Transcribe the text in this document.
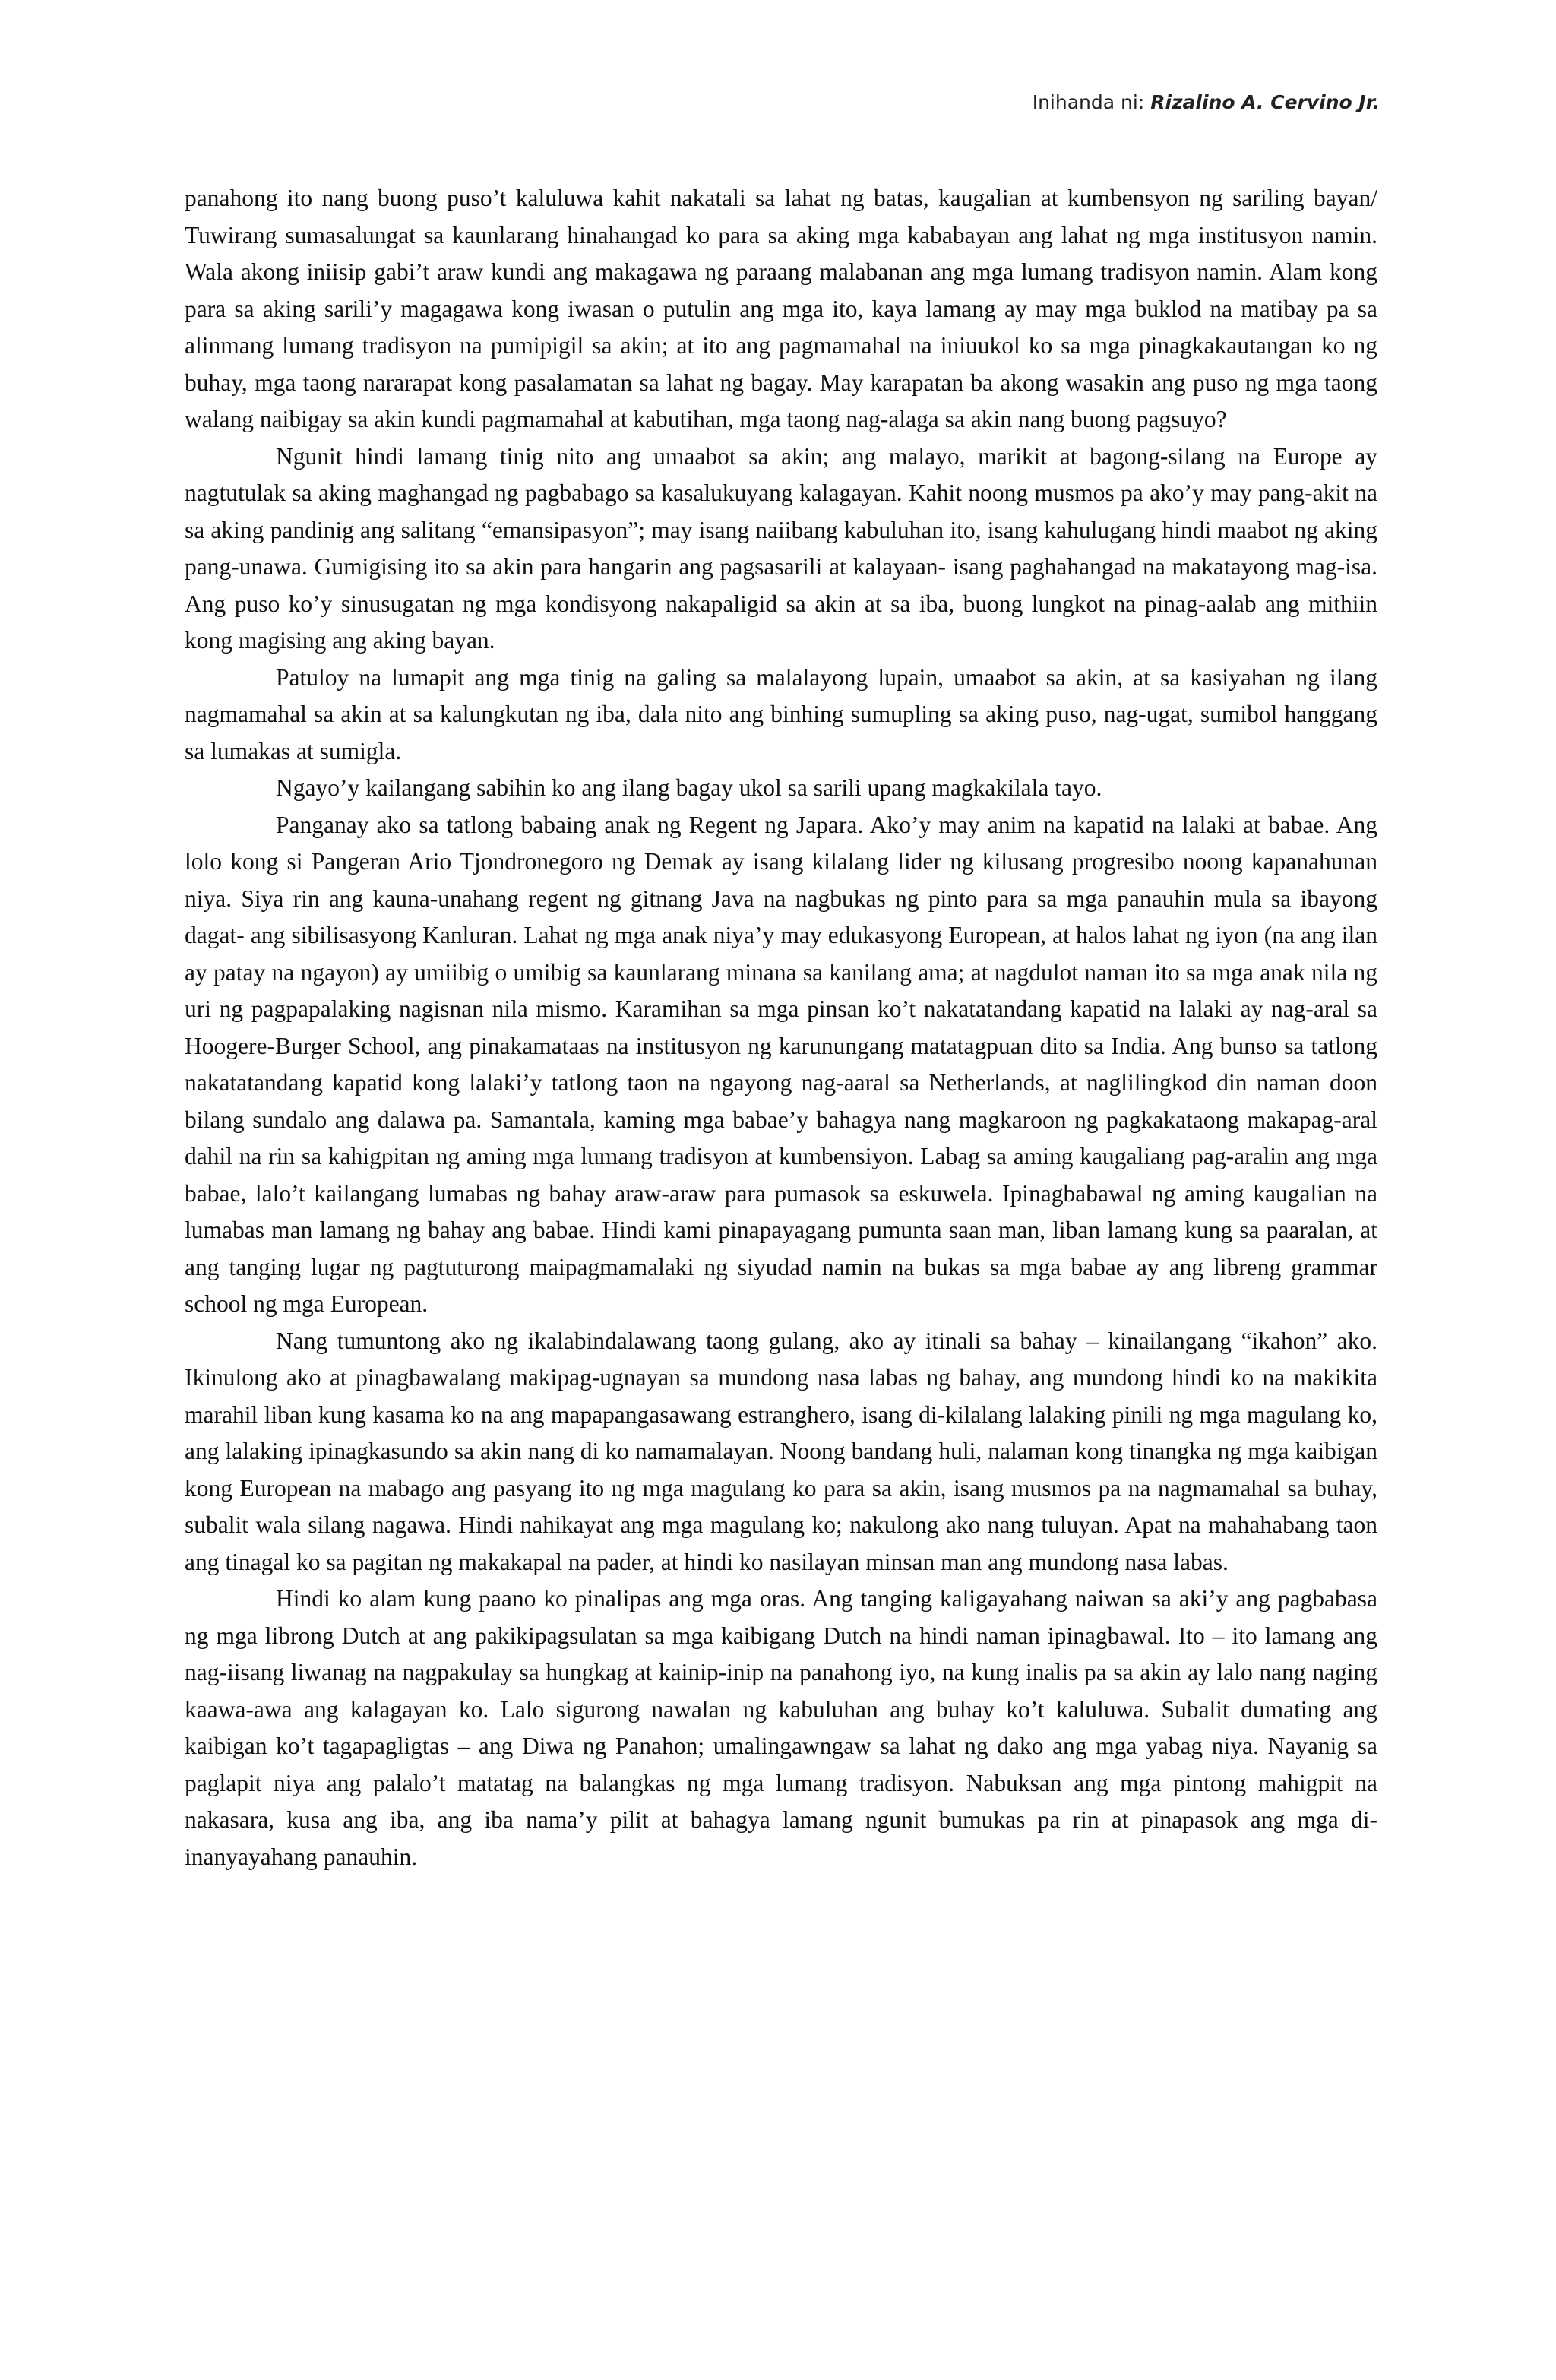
Inihanda ni: Rizalino A. Cervino Jr.

panahong ito nang buong puso’t kaluluwa kahit nakatali sa lahat ng batas, kaugalian at kumbensyon ng sariling bayan/ Tuwirang sumasalungat sa kaunlarang hinahangad ko para sa aking mga kababayan ang lahat ng mga institusyon namin. Wala akong iniisip gabi’t araw kundi ang makagawa ng paraang malabanan ang mga lumang tradisyon namin. Alam kong para sa aking sarili’y magagawa kong iwasan o putulin ang mga ito, kaya lamang ay may mga buklod na matibay pa sa alinmang lumang tradisyon na pumipigil sa akin; at ito ang pagmamahal na iniuukol ko sa mga pinagkakautangan ko ng buhay, mga taong nararapat kong pasalamatan sa lahat ng bagay. May karapatan ba akong wasakin ang puso ng mga taong walang naibigay sa akin kundi pagmamahal at kabutihan, mga taong nag-alaga sa akin nang buong pagsuyo?

Ngunit hindi lamang tinig nito ang umaabot sa akin; ang malayo, marikit at bagong-silang na Europe ay nagtutulak sa aking maghangad ng pagbabago sa kasalukuyang kalagayan. Kahit noong musmos pa ako’y may pang-akit na sa aking pandinig ang salitang “emansipasyon”; may isang naiibang kabuluhan ito, isang kahulugang hindi maabot ng aking pang-unawa. Gumigising ito sa akin para hangarin ang pagsasarili at kalayaan- isang paghahangad na makatayong mag-isa. Ang puso ko’y sinusugatan ng mga kondisyong nakapaligid sa akin at sa iba, buong lungkot na pinag-aalab ang mithiin kong magising ang aking bayan.

Patuloy na lumapit ang mga tinig na galing sa malalayong lupain, umaabot sa akin, at sa kasiyahan ng ilang nagmamahal sa akin at sa kalungkutan ng iba, dala nito ang binhing sumupling sa aking puso, nag-ugat, sumibol hanggang sa lumakas at sumigla.

Ngayo’y kailangang sabihin ko ang ilang bagay ukol sa sarili upang magkakilala tayo.

Panganay ako sa tatlong babaing anak ng Regent ng Japara. Ako’y may anim na kapatid na lalaki at babae. Ang lolo kong si Pangeran Ario Tjondronegoro ng Demak ay isang kilalang lider ng kilusang progresibo noong kapanahunan niya. Siya rin ang kauna-unahang regent ng gitnang Java na nagbukas ng pinto para sa mga panauhin mula sa ibayong dagat- ang sibilisasyong Kanluran. Lahat ng mga anak niya’y may edukasyong European, at halos lahat ng iyon (na ang ilan ay patay na ngayon) ay umiibig o umibig sa kaunlarang minana sa kanilang ama; at nagdulot naman ito sa mga anak nila ng uri ng pagpapalaking nagisnan nila mismo. Karamihan sa mga pinsan ko’t nakatatandang kapatid na lalaki ay nag-aral sa Hoogere-Burger School, ang pinakamataas na institusyon ng karunungang matatagpuan dito sa India. Ang bunso sa tatlong nakatatandang kapatid kong lalaki’y tatlong taon na ngayong nag-aaral sa Netherlands, at naglilingkod din naman doon bilang sundalo ang dalawa pa. Samantala, kaming mga babae’y bahagya nang magkaroon ng pagkakataong makapag-aral dahil na rin sa kahigpitan ng aming mga lumang tradisyon at kumbensiyon. Labag sa aming kaugaliang pag-aralin ang mga babae, lalo’t kailangang lumabas ng bahay araw-araw para pumasok sa eskuwela. Ipinagbabawal ng aming kaugalian na lumabas man lamang ng bahay ang babae. Hindi kami pinapayagang pumunta saan man, liban lamang kung sa paaralan, at ang tanging lugar ng pagtuturong maipagmamalaki ng siyudad namin na bukas sa mga babae ay ang libreng grammar school ng mga European.

Nang tumuntong ako ng ikalabindalawang taong gulang, ako ay itinali sa bahay – kinailangang “ikahon” ako. Ikinulong ako at pinagbawalang makipag-ugnayan sa mundong nasa labas ng bahay, ang mundong hindi ko na makikita marahil liban kung kasama ko na ang mapapangasawang estranghero, isang di-kilalang lalaking pinili ng mga magulang ko, ang lalaking ipinagkasundo sa akin nang di ko namamalayan. Noong bandang huli, nalaman kong tinangka ng mga kaibigan kong European na mabago ang pasyang ito ng mga magulang ko para sa akin, isang musmos pa na nagmamahal sa buhay, subalit wala silang nagawa. Hindi nahikayat ang mga magulang ko; nakulong ako nang tuluyan. Apat na mahahabang taon ang tinagal ko sa pagitan ng makakapal na pader, at hindi ko nasilayan minsan man ang mundong nasa labas.

Hindi ko alam kung paano ko pinalipas ang mga oras. Ang tanging kaligayahang naiwan sa aki’y ang pagbabasa ng mga librong Dutch at ang pakikipagsulatan sa mga kaibigang Dutch na hindi naman ipinagbawal. Ito – ito lamang ang nag-iisang liwanag na nagpakulay sa hungkag at kainip-inip na panahong iyo, na kung inalis pa sa akin ay lalo nang naging kaawa-awa ang kalagayan ko. Lalo sigurong nawalan ng kabuluhan ang buhay ko’t kaluluwa. Subalit dumating ang kaibigan ko’t tagapagligtas – ang Diwa ng Panahon; umalingawngaw sa lahat ng dako ang mga yabag niya. Nayanig sa paglapit niya ang palalo’t matatag na balangkas ng mga lumang tradisyon. Nabuksan ang mga pintong mahigpit na nakasara, kusa ang iba, ang iba nama’y pilit at bahagya lamang ngunit bumukas pa rin at pinapasok ang mga di-inanyayahang panauhin.
